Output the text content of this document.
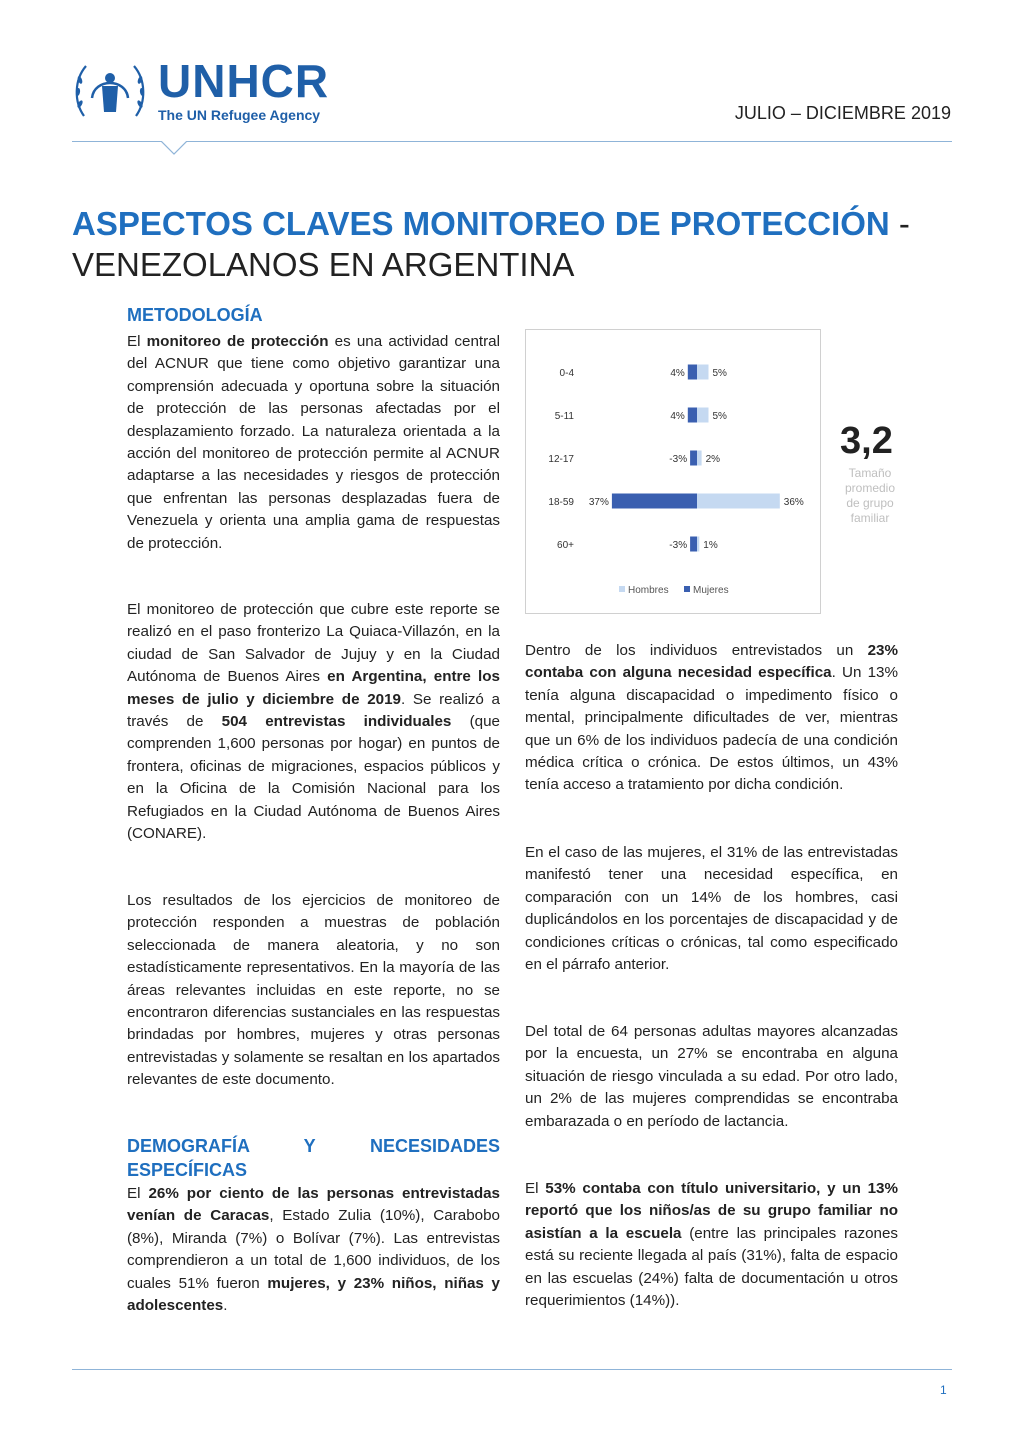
UNHCR
The UN Refugee Agency	JULIO – DICIEMBRE 2019
ASPECTOS CLAVES MONITOREO DE PROTECCIÓN -
VENEZOLANOS EN ARGENTINA
METODOLOGÍA

El monitoreo de protección es una actividad central del ACNUR que tiene como objetivo garantizar una comprensión adecuada y oportuna sobre la situación de protección de las personas afectadas por el desplazamiento forzado. La naturaleza orientada a la acción del monitoreo de protección permite al ACNUR adaptarse a las necesidades y riesgos de protección que enfrentan las personas desplazadas fuera de Venezuela y orienta una amplia gama de respuestas de protección.

El monitoreo de protección que cubre este reporte se realizó en el paso fronterizo La Quiaca-Villazón, en la ciudad de San Salvador de Jujuy y en la Ciudad Autónoma de Buenos Aires en Argentina, entre los meses de julio y diciembre de 2019. Se realizó a través de 504 entrevistas individuales (que comprenden 1,600 personas por hogar) en puntos de frontera, oficinas de migraciones, espacios públicos y en la Oficina de la Comisión Nacional para los Refugiados en la Ciudad Autónoma de Buenos Aires (CONARE).

Los resultados de los ejercicios de monitoreo de protección responden a muestras de población seleccionada de manera aleatoria, y no son estadísticamente representativos. En la mayoría de las áreas relevantes incluidas en este reporte, no se encontraron diferencias sustanciales en las respuestas brindadas por hombres, mujeres y otras personas entrevistadas y solamente se resaltan en los apartados relevantes de este documento.

DEMOGRAFÍA Y NECESIDADES ESPECÍFICAS

El 26% por ciento de las personas entrevistadas venían de Caracas, Estado Zulia (10%), Carabobo (8%), Miranda (7%) o Bolívar (7%). Las entrevistas comprendieron a un total de 1,600 individuos, de los cuales 51% fueron mujeres, y 23% niños, niñas y adolescentes.

0-4	4%	5%
5-11	4%	5%
12-17	-3% 2%
18-59 37%	36%
60+	-3% 1%
Hombres Mujeres
3,2
Tamaño promedio de grupo familiar

Dentro de los individuos entrevistados un 23% contaba con alguna necesidad específica. Un 13% tenía alguna discapacidad o impedimento físico o mental, principalmente dificultades de ver, mientras que un 6% de los individuos padecía de una condición médica crítica o crónica. De estos últimos, un 43% tenía acceso a tratamiento por dicha condición.

En el caso de las mujeres, el 31% de las entrevistadas manifestó tener una necesidad específica, en comparación con un 14% de los hombres, casi duplicándolos en los porcentajes de discapacidad y de condiciones críticas o crónicas, tal como especificado en el párrafo anterior.

Del total de 64 personas adultas mayores alcanzadas por la encuesta, un 27% se encontraba en alguna situación de riesgo vinculada a su edad. Por otro lado, un 2% de las mujeres comprendidas se encontraba embarazada o en período de lactancia.

El 53% contaba con título universitario, y un 13% reportó que los niños/as de su grupo familiar no asistían a la escuela (entre las principales razones está su reciente llegada al país (31%), falta de espacio en las escuelas (24%) falta de documentación u otros requerimientos (14%)).

1
